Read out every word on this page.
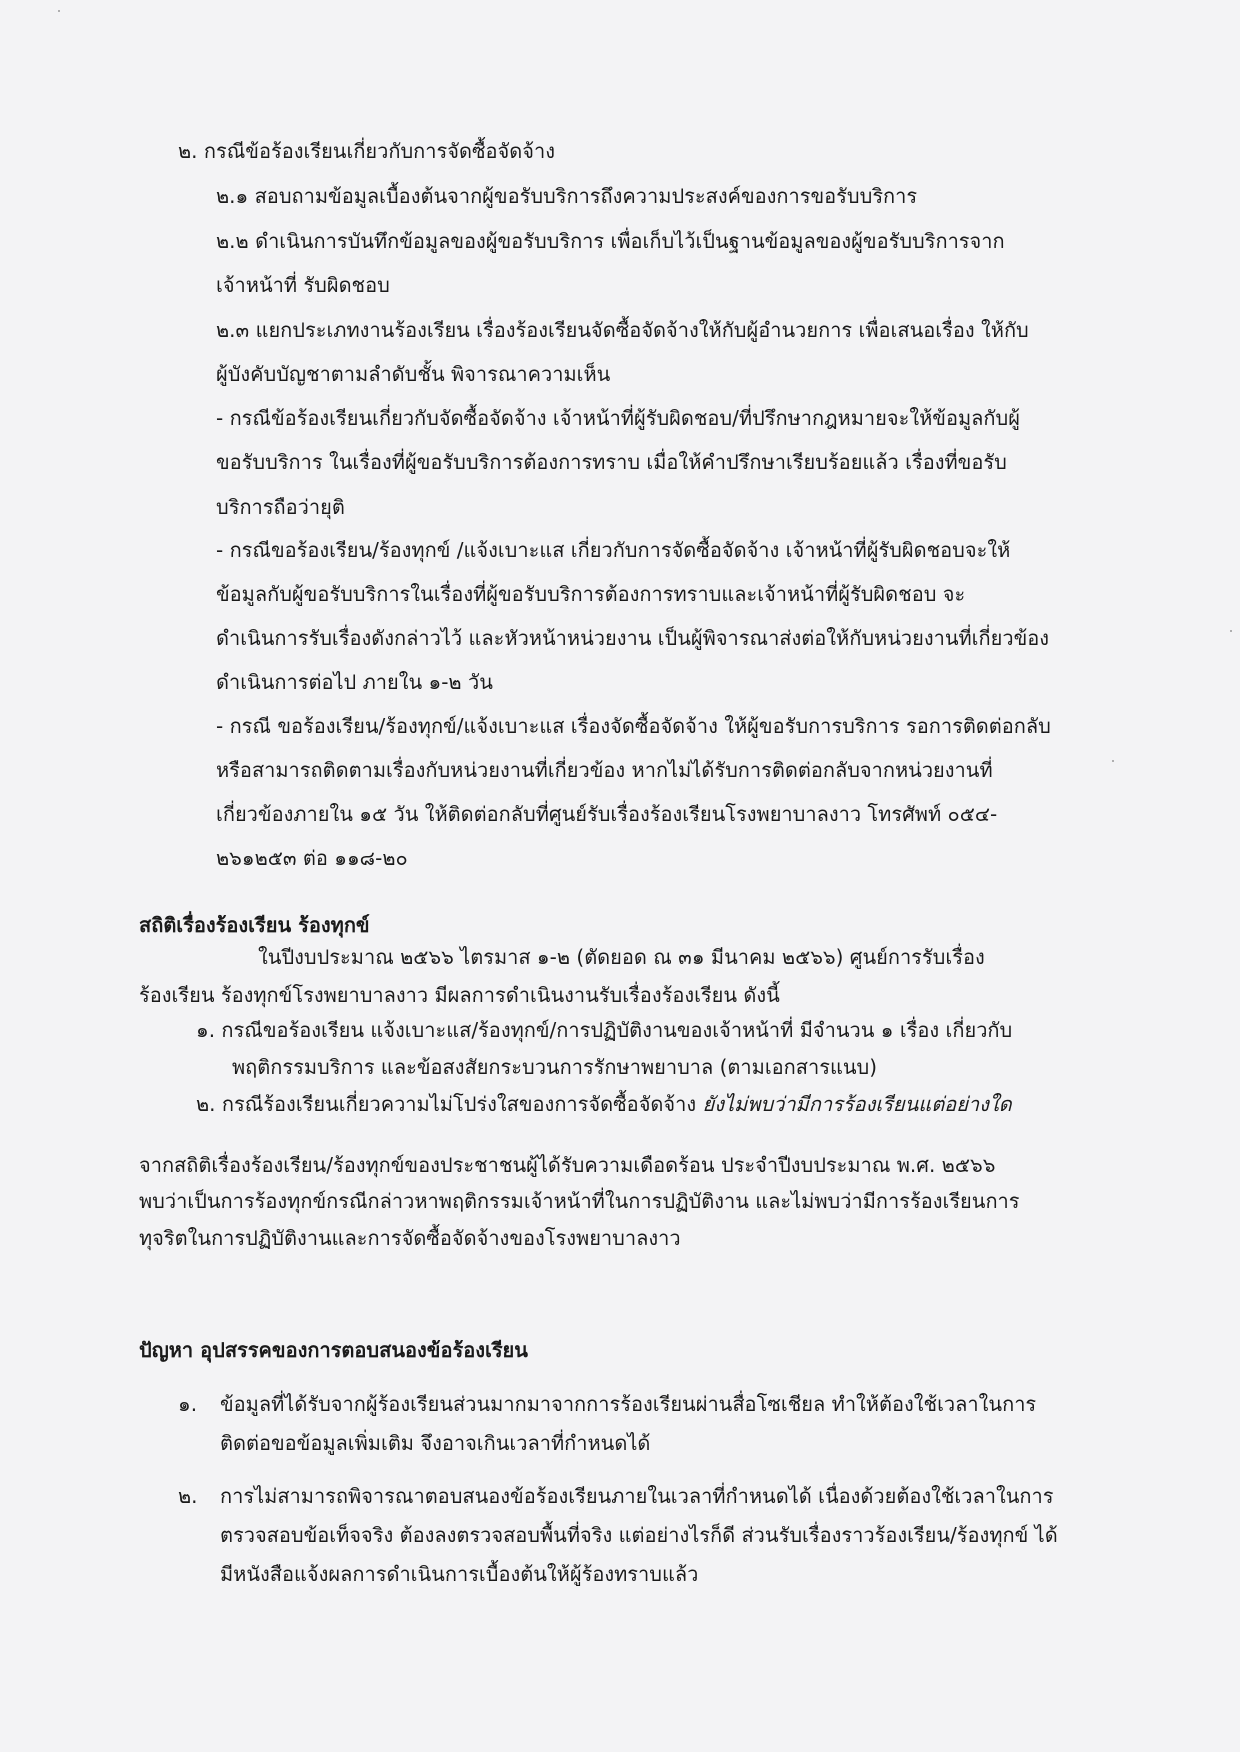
๒. กรณีข้อร้องเรียนเกี่ยวกับการจัดซื้อจัดจ้าง
๒.๑ สอบถามข้อมูลเบื้องต้นจากผู้ขอรับบริการถึงความประสงค์ของการขอรับบริการ
๒.๒ ดำเนินการบันทึกข้อมูลของผู้ขอรับบริการ เพื่อเก็บไว้เป็นฐานข้อมูลของผู้ขอรับบริการจาก
เจ้าหน้าที่ รับผิดชอบ
๒.๓ แยกประเภทงานร้องเรียน เรื่องร้องเรียนจัดซื้อจัดจ้างให้กับผู้อำนวยการ เพื่อเสนอเรื่อง ให้กับ
ผู้บังคับบัญชาตามลำดับชั้น พิจารณาความเห็น
- กรณีข้อร้องเรียนเกี่ยวกับจัดซื้อจัดจ้าง เจ้าหน้าที่ผู้รับผิดชอบ/ที่ปรึกษากฎหมายจะให้ข้อมูลกับผู้
ขอรับบริการ ในเรื่องที่ผู้ขอรับบริการต้องการทราบ เมื่อให้คำปรึกษาเรียบร้อยแล้ว เรื่องที่ขอรับ
บริการถือว่ายุติ
- กรณีขอร้องเรียน/ร้องทุกข์ /แจ้งเบาะแส เกี่ยวกับการจัดซื้อจัดจ้าง เจ้าหน้าที่ผู้รับผิดชอบจะให้
ข้อมูลกับผู้ขอรับบริการในเรื่องที่ผู้ขอรับบริการต้องการทราบและเจ้าหน้าที่ผู้รับผิดชอบ จะ
ดำเนินการรับเรื่องดังกล่าวไว้ และหัวหน้าหน่วยงาน เป็นผู้พิจารณาส่งต่อให้กับหน่วยงานที่เกี่ยวข้อง
ดำเนินการต่อไป ภายใน ๑-๒ วัน
- กรณี ขอร้องเรียน/ร้องทุกข์/แจ้งเบาะแส เรื่องจัดซื้อจัดจ้าง ให้ผู้ขอรับการบริการ รอการติดต่อกลับ
หรือสามารถติดตามเรื่องกับหน่วยงานที่เกี่ยวข้อง หากไม่ได้รับการติดต่อกลับจากหน่วยงานที่
เกี่ยวข้องภายใน ๑๕ วัน ให้ติดต่อกลับที่ศูนย์รับเรื่องร้องเรียนโรงพยาบาลงาว โทรศัพท์ ๐๕๔-
๒๖๑๒๕๓ ต่อ ๑๑๘-๒๐
สถิติเรื่องร้องเรียน ร้องทุกข์
ในปีงบประมาณ ๒๕๖๖ ไตรมาส ๑-๒ (ตัดยอด ณ ๓๑ มีนาคม ๒๕๖๖) ศูนย์การรับเรื่อง
ร้องเรียน ร้องทุกข์โรงพยาบาลงาว มีผลการดำเนินงานรับเรื่องร้องเรียน ดังนี้
๑. กรณีขอร้องเรียน แจ้งเบาะแส/ร้องทุกข์/การปฏิบัติงานของเจ้าหน้าที่ มีจำนวน ๑ เรื่อง เกี่ยวกับ
พฤติกรรมบริการ และข้อสงสัยกระบวนการรักษาพยาบาล (ตามเอกสารแนบ)
๒. กรณีร้องเรียนเกี่ยวความไม่โปร่งใสของการจัดซื้อจัดจ้าง ยังไม่พบว่ามีการร้องเรียนแต่อย่างใด
จากสถิติเรื่องร้องเรียน/ร้องทุกข์ของประชาชนผู้ได้รับความเดือดร้อน ประจำปีงบประมาณ พ.ศ. ๒๕๖๖
พบว่าเป็นการร้องทุกข์กรณีกล่าวหาพฤติกรรมเจ้าหน้าที่ในการปฏิบัติงาน และไม่พบว่ามีการร้องเรียนการ
ทุจริตในการปฏิบัติงานและการจัดซื้อจัดจ้างของโรงพยาบาลงาว
ปัญหา อุปสรรคของการตอบสนองข้อร้องเรียน
๑. ข้อมูลที่ได้รับจากผู้ร้องเรียนส่วนมากมาจากการร้องเรียนผ่านสื่อโซเชียล ทำให้ต้องใช้เวลาในการ
ติดต่อขอข้อมูลเพิ่มเติม จึงอาจเกินเวลาที่กำหนดได้
๒. การไม่สามารถพิจารณาตอบสนองข้อร้องเรียนภายในเวลาที่กำหนดได้ เนื่องด้วยต้องใช้เวลาในการ
ตรวจสอบข้อเท็จจริง ต้องลงตรวจสอบพื้นที่จริง แต่อย่างไรก็ดี ส่วนรับเรื่องราวร้องเรียน/ร้องทุกข์ ได้
มีหนังสือแจ้งผลการดำเนินการเบื้องต้นให้ผู้ร้องทราบแล้ว
